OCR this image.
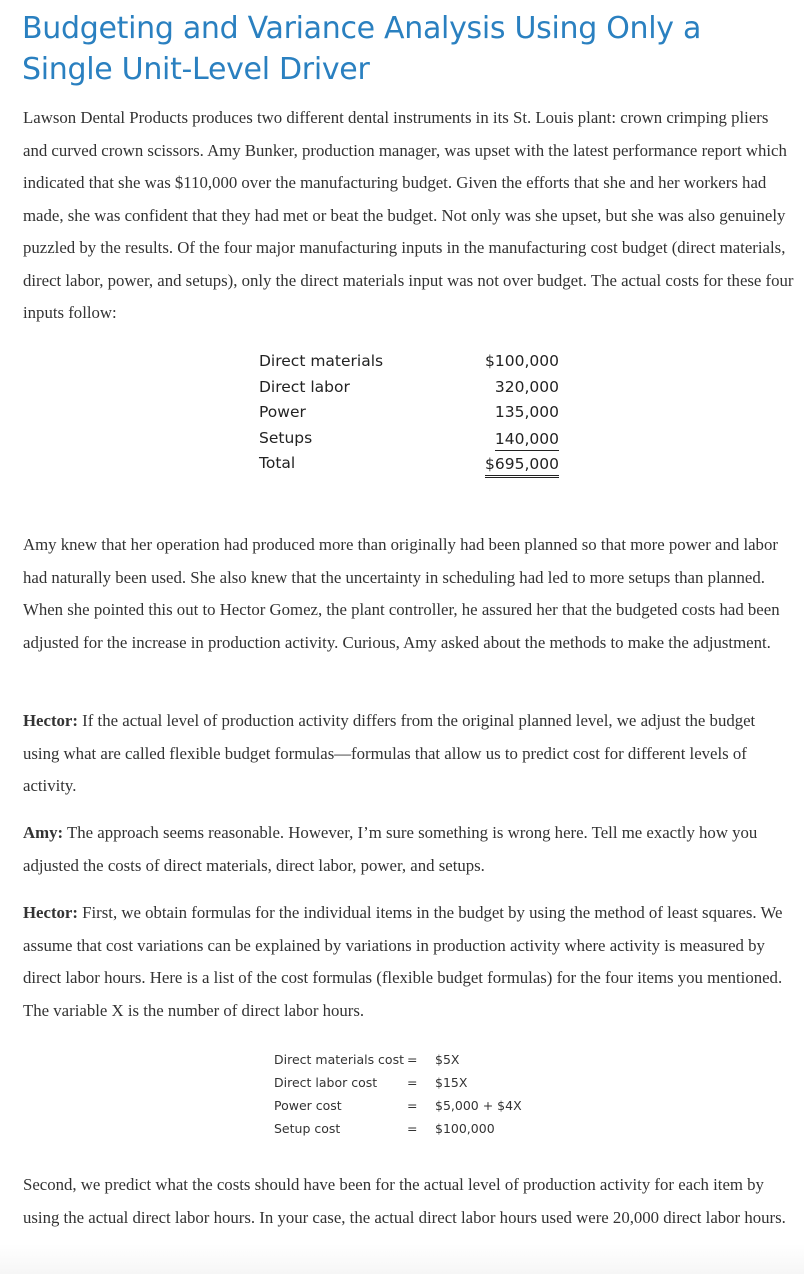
Budgeting and Variance Analysis Using Only a Single Unit-Level Driver

Lawson Dental Products produces two different dental instruments in its St. Louis plant: crown crimping pliers and curved crown scissors. Amy Bunker, production manager, was upset with the latest performance report which indicated that she was $110,000 over the manufacturing budget. Given the efforts that she and her workers had made, she was confident that they had met or beat the budget. Not only was she upset, but she was also genuinely puzzled by the results. Of the four major manufacturing inputs in the manufacturing cost budget (direct materials, direct labor, power, and setups), only the direct materials input was not over budget. The actual costs for these four inputs follow:

Direct materials	$100,000
Direct labor	320,000
Power	135,000
Setups	140,000
Total	$695,000

Amy knew that her operation had produced more than originally had been planned so that more power and labor had naturally been used. She also knew that the uncertainty in scheduling had led to more setups than planned. When she pointed this out to Hector Gomez, the plant controller, he assured her that the budgeted costs had been adjusted for the increase in production activity. Curious, Amy asked about the methods to make the adjustment.

Hector: If the actual level of production activity differs from the original planned level, we adjust the budget using what are called flexible budget formulas—formulas that allow us to predict cost for different levels of activity.

Amy: The approach seems reasonable. However, I’m sure something is wrong here. Tell me exactly how you adjusted the costs of direct materials, direct labor, power, and setups.

Hector: First, we obtain formulas for the individual items in the budget by using the method of least squares. We assume that cost variations can be explained by variations in production activity where activity is measured by direct labor hours. Here is a list of the cost formulas (flexible budget formulas) for the four items you mentioned. The variable X is the number of direct labor hours.

Direct materials cost = $5X
Direct labor cost = $15X
Power cost	= $5,000 + $4X
Setup cost	= $100,000

Second, we predict what the costs should have been for the actual level of production activity for each item by using the actual direct labor hours. In your case, the actual direct labor hours used were 20,000 direct labor hours.
